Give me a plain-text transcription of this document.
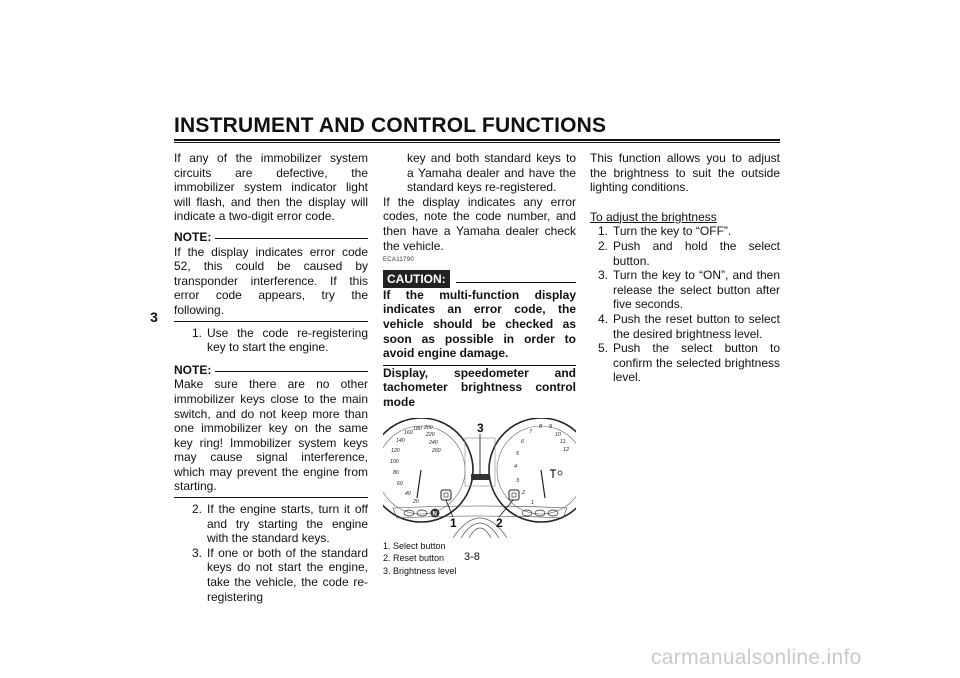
INSTRUMENT AND CONTROL FUNCTIONS
3

If any of the immobilizer system circuits are defective, the immobilizer system indicator light will flash, and then the display will indicate a two-digit error code.

NOTE:

If the display indicates error code 52, this could be caused by transponder interference. If this error code appears, try the following.

1. Use the code re-registering key to start the engine.
NOTE:

Make sure there are no other immobilizer keys close to the main switch, and do not keep more than one immobilizer key on the same key ring! Immobilizer system keys may cause signal interference, which may prevent the engine from starting.

2. If the engine starts, turn it off and try starting the engine with the standard keys.
3. If one or both of the standard keys do not start the engine, take the vehicle, the code re-registering

key and both standard keys to a Yamaha dealer and have the standard keys re-registered.

If the display indicates any error codes, note the code number, and then have a Yamaha dealer check the vehicle.

ECA11790

CAUTION:

If the multi-function display indicates an error code, the vehicle should be checked as soon as possible in order to avoid engine damage.

Display, speedometer and tachometer brightness control mode

20
40
60
80
100
120
140
160
180 200
220
240
260
1
2
3
4
5
6
7
8 9
10
11
12
3
N
1	2
1. Select button
2. Reset button
3. Brightness level

This function allows you to adjust the brightness to suit the outside lighting conditions.

To adjust the brightness

1. Turn the key to “OFF”.
2. Push and hold the select button.
3. Turn the key to “ON”, and then release the select button after five seconds.
4. Push the reset button to select the desired brightness level.
5. Push the select button to confirm the selected brightness level.
3-8
carmanualsonline.info
